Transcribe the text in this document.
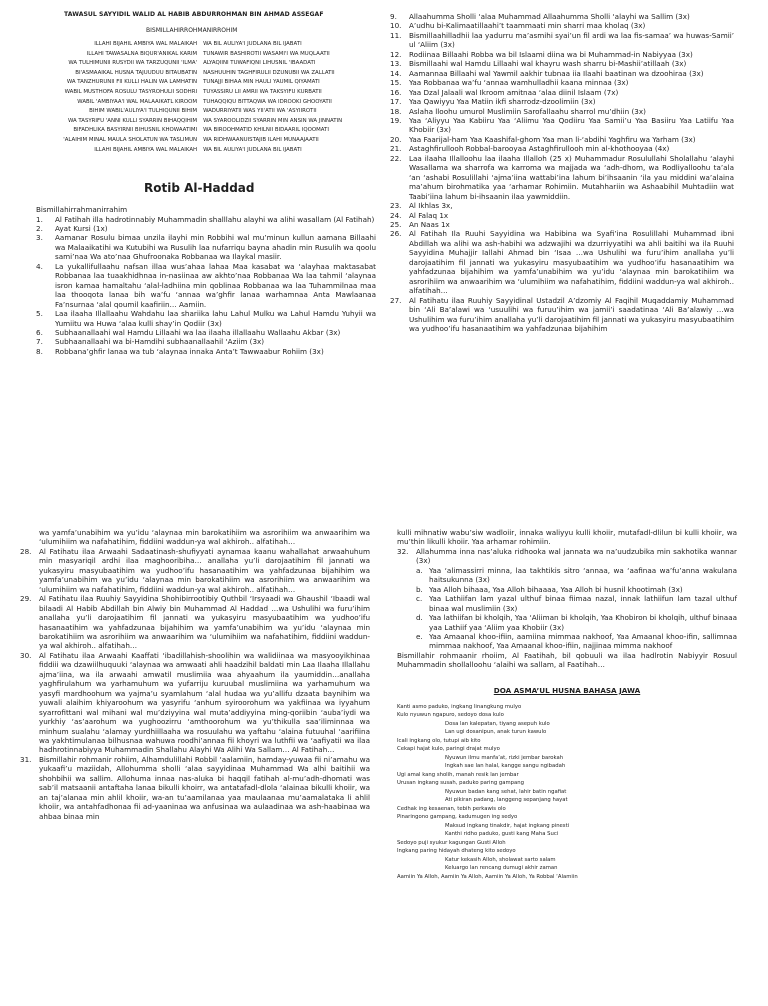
TAWASUL SAYYIDIL WALID AL HABIB ABDURROHMAN BIN AHMAD ASSEGAF
BISMILLAHIRROHMANIRROHIM
ILLAHI BIJAHIL AMBIYA WAL MALAIKAH	WA BIL AULIYA'I JUDLANA BIL IJABATI
ILLAHI TAWASALNA BIQUR'ANIKAL KARIM	TUNAWIR BASHIROTII WASAMI'I WA MUQLAATII
WA TULHIMUNII RUSYDII WA TARZUQUNII 'ILMA'	ALYAQIINI TUWAFIQNI LIHUSNIL 'IBAADATI
BI'ASMAAIKAL HUSNA TAJUUDUU BITAUBATIN	NASHUUHIN TAGHFIRULII DZUNUBII WA ZALLATII
WA TANZHURUNII FII KULLI HALIN WA LAMHATIN	TUNAJJI BIHAA MIN HAULI YAUMIL QIYAMATI
WABIL MUSTHOFA ROSULU TASYROHULII SODHRI	TUYASSIRU LII AMRII WA TAKSYIFU KURBATII
WABIL 'AMBIYAA'I WAL MALAAIKATL KIROOM	TUHAQQIQU BITTAQWA WA IDROOKI GHOOYATII
BIHIM WABIL'AULIYA'I TULHIQUNII BIHIM	WADURRIYATII WAS YII'ATII WA 'ASYIIROTII
WA TASYRIFU 'ANNI KULLI SYARRIN BIHAQQIHIM	WA SYAROOLIDZII SYARRIN MIN ANSIN WA JINNATIN
BIFADHLIKA BASYIRNII BIHUSNIL KHOWAATIMI	WA BIROOHMATID KHILNII BIDAARIL IQOOMATI
'ALAIHIM MINAL MAULA SHOLATUN WA TASLIMUN	WA RIDHWAANUISTAJIB ILAHI MUNAAJAATII
ILLAHI BIJAHIL AMBIYA WAL MALAIKAH	WA BIL AULIYA'I JUDLANA BIL IJABATI
Rotib Al-Haddad
Bismillahirrahmanirrahim
1.	Al Fatihah illa hadrotinnabiy Muhammadin shalllahu alayhi wa alihi wasallam (Al Fatihah)
2.	Ayat Kursi (1x)
3.	Aamanar Rosulu bimaa unzila ilayhi min Robbihi wal mu’minun kullun aamana Billaahi wa Malaaikatihi wa Kutubihi wa Rusulih laa nufarriqu bayna ahadin min Rusulih wa qoolu sami’naa Wa ato’naa Ghufroonaka Robbanaa wa Ilaykal masiir.
4.	La yukallifullaahu nafsan illaa wus’ahaa lahaa Maa kasabat wa ‘alayhaa maktasabat Robbanaa laa tuaakhidhnaa in-nasiinaa aw akhto’naa Robbanaa Wa laa tahmil ‘alaynaa isron kamaa hamaltahu ‘alal-ladhiina min qoblinaa Robbanaa wa laa Tuhammilnaa maa laa thooqota lanaa bih wa’fu ‘annaa wa’ghfir lanaa warhamnaa Anta Mawlaanaa Fa’nsurnaa ‘alal qoumil kaafiriin… Aamiin.
5.	Laa ilaaha Illallaahu Wahdahu laa shariika lahu Lahul Mulku wa Lahul Hamdu Yuhyii wa Yumiitu wa Huwa ‘alaa kulli shay’in Qodiir (3x)
6.	Subhaanallaahi wal Hamdu Lillaahi wa laa ilaaha illallaahu Wallaahu Akbar (3x)
7.	Subhaanallaahi wa bi-Hamdihi subhaanallaahil ‘Aziim (3x)
8.	Robbana’ghfir lanaa wa tub ‘alaynaa innaka Anta’t Tawwaabur Rohiim (3x)
9.	Allaahumma Sholli ‘alaa Muhammad Allaahumma Sholli ‘alayhi wa Sallim (3x)
10.	A’udhu bi-Kalimaatillaahi’t taammaati min sharri maa kholaq (3x)
11.	Bismillaahilladhii laa yadurru ma’asmihi syai’un fil ardi wa laa fis-samaa’ wa huwas-Samii’ ul ‘Aliim (3x)
12.	Rodiinaa Billaahi Robba wa bil Islaami diina wa bi Muhammad-in Nabiyyaa (3x)
13.	Bismillaahi wal Hamdu Lillaahi wal khayru wash sharru bi-Mashii’atillaah (3x)
14.	Aamannaa Billaahi wal Yawmil aakhir tubnaa iia Ilaahi baatinan wa dzoohiraa (3x)
15.	Yaa Robbanaa wa’fu ‘annaa wamhulladhii kaana minnaa (3x)
16.	Yaa Dzal Jalaali wal Ikroom amitnaa ‘alaa diinil Islaam (7x)
17.	Yaa Qawiyyu Yaa Matiin ikfi sharrodz-dzoolimiin (3x)
18.	Aslaha lloohu umurol Muslimiin Sarofallaahu sharrol mu’dhiin (3x)
19.	Yaa ‘Aliyyu Yaa Kabiiru Yaa ‘Aliimu Yaa Qodiiru Yaa Samii’u Yaa Basiiru Yaa Latiifu Yaa Khobiir (3x)
20.	Yaa Faarijal-ham Yaa Kaashifal-ghom Yaa man li-‘abdihi Yaghfiru wa Yarham (3x)
21.	Astaghfirullooh Robbal-barooyaa Astaghfirullooh min al-khothooyaa (4x)
22.	Laa ilaaha Illalloohu laa ilaaha Illalloh (25 x) Muhammadur Rosulullahi Sholallahu ‘alayhi Wasallama wa sharrofa wa karroma wa majjada wa ‘adh-dhom, wa Rodliyalloohu ta’ala ‘an ‘ashabi Rosulillahi ‘ajma’iina wattabi’ina lahum bi’ihsaanin ‘ila yau middini wa’alaina ma’ahum birohmatika yaa ‘arhamar Rohimiin. Mutahhariin wa Ashaabihil Muhtadiin wat Taabi’iina lahum bi-ihsaanin ilaa yawmiddiin.
23.	Al Ikhlas 3x,
24.	Al Falaq 1x
25.	An Naas 1x
26.	Al Fatihah Ila Ruuhi Sayyidina wa Habibina wa Syafi’ina Rosulillahi Muhammad ibni Abdillah wa alihi wa ash-habihi wa adzwajihi wa dzurriyyatihi wa ahli baitihi wa ila Ruuhi Sayyidina Muhajjir Iallahi Ahmad bin ‘Isaa …wa Ushulihi wa furu’ihim anallaha yu’li darojaatihim fil jannati wa yukasyiru masyubaatihim wa yudhoo’ifu hasanaatihim wa yahfadzunaa bijahihim wa yamfa’unabihim wa yu’idu ‘alaynaa min barokatihiim wa asrorihiim wa anwaarihim wa ‘ulumihiim wa nafahatihim, fiddiini waddun-ya wal akhiroh.. alfatihah…
27.	Al Fatihatu ilaa Ruuhiy Sayyidinal Ustadzil A’dzomiy Al Faqihil Muqaddamiy Muhammad bin ‘Ali Ba’alawi wa ‘usuulihi wa furuu’ihim wa jamii’i saadatinaa ‘Ali Ba’alawiy …wa Ushulihim wa furu’ihim anallaha yu’li darojaatihim fil jannati wa yukasyiru masyubaatihim wa yudhoo’ifu hasanaatihim wa yahfadzunaa bijahihim
wa yamfa’unabihim wa yu’idu ‘alaynaa min barokatihiim wa asrorihiim wa anwaarihim wa ‘ulumihiim wa nafahatihim, fiddiini waddun-ya wal akhiroh.. alfatihah…
28.	Al Fatihatu ilaa Arwaahi Sadaatinash-shufiyyati aynamaa kaanu wahallahat arwaahuhum min masyariqil ardhi ilaa maghooribiha… anallaha yu’li darojaatihim fil jannati wa yukasyiru masyubaatihim wa yudhoo’ifu hasanaatihim wa yahfadzunaa bijahihim wa yamfa’unabihim wa yu’idu ‘alaynaa min barokatihiim wa asrorihiim wa anwaarihim wa ‘ulumihiim wa nafahatihim, fiddiini waddun-ya wal akhiroh.. alfatihah…
29.	Al Fatihatu ilaa Ruuhiy Sayyidina Shohibirrootibiy Quthbil ‘Irsyaadi wa Ghaushil ‘Ibaadi wal bilaadi Al Habib Abdillah bin Alwiy bin Muhammad Al Haddad …wa Ushulihi wa furu’ihim anallaha yu’li darojaatihim fil jannati wa yukasyiru masyubaatihim wa yudhoo’ifu hasanaatihim wa yahfadzunaa bijahihim wa yamfa’unabihim wa yu’idu ‘alaynaa min barokatihiim wa asrorihiim wa anwaarihim wa ‘ulumihiim wa nafahatihim, fiddiini waddun-ya wal akhiroh.. alfatihah…
30.	Al Fatihatu ilaa Arwaahi Kaaffati ‘ibadillahish-shoolihin wa walidiinaa wa masyooyikhinaa fiddiii wa dzawiilhuquuki ‘alaynaa wa amwaati ahli haadzihil baldati min Laa Ilaaha Illallahu ajma’iina, wa ila arwaahi amwatil muslimiia waa ahyaahum ila yaumiddin…anallaha yaghfirulahum wa yarhamuhum wa yufarriju kuruubal muslimiina wa yarhamuhum wa yasyfi mardhoohum wa yajma’u syamlahum ‘alal hudaa wa yu’allifu dzaata baynihim wa yuwali alaihim khiyaroohum wa yasyrifu ‘anhum syiroorohum wa yakfiinaa wa iyyahum syarrofittani wal mihani wal mu’dziyyina wal muta’addiyyina ming-qoriibin ‘auba’iydi wa yurkhiy ‘as’aarohum wa yughoozirru ‘amthoorohum wa yu’thikulla saa’iliminnaa wa minhum sualahu ‘alamay yurdhiillaaha wa rosuulahu wa yaftahu ‘alaina futuuhal ‘aarifiina wa yakhtimulanaa bilhusnaa wahuwa roodhi’annaa fii khoyri wa luthfii wa ‘aafiyatii wa ilaa hadhrotinnabiyya Muhammadin Shallahu Alayhi Wa Alihi Wa Sallam… Al Fatihah…
31.	Bismillahir rohmanir rohiim, Alhamdulillahi Robbil ‘aalamiin, hamday-yuwaa fii ni’amahu wa yukaafi’u maziidah, Allohumma sholli ‘alaa sayyidinaa Muhammad Wa alhi baitihii wa shohbihii wa sallim. Allohuma innaa nas-aluka bi haqqil fatihah al-mu’adh-dhomati was sab’il matsaanii antaftaha lanaa bikulli khoirr, wa antatafadl-dlola ‘alainaa bikulli khoiir, wa an taj’alanaa min ahlil khoiir, wa-an tu’aamilanaa yaa maulaanaa mu’aamalataka li ahlil khoiir, wa antahfadhonaa fii ad-yaaninaa wa anfusinaa wa aulaadinaa wa ash-haabinaa wa ahbaa binaa min
kulli mihnatiw wabu’siw wadloiir, innaka waliyyu kulli khoiir, mutafadl-dlilun bi kulli khoiir, wa mu’thin likulli khoiir. Yaa arhamar rohimiin.
32.	Allahumma inna nas’aluka ridhooka wal jannata wa na’uudzubika min sakhotika wannar (3x)
a. Yaa ‘alimassirri minna, laa takhtikis sitro ‘annaa, wa ‘aafinaa wa’fu’anna wakulana haitsukunna (3x)
b. Yaa Alloh bihaaa, Yaa Alloh bihaaaa, Yaa Alloh bi husnil khootimah (3x)
c. Yaa Lathiifan lam yazal ulthuf binaa fiimaa nazal, innak lathiifun lam tazal ulthuf binaa wal muslimiin (3x)
d. Yaa lathiifan bi kholqih, Yaa ‘Aliiman bi kholqih, Yaa Khobiron bi kholqih, ulthuf binaaa yaa Lathiif yaa ‘Aliim yaa Khobiir (3x)
e. Yaa Amaanal khoo-ifiin, aamiina mimmaa nakhoof, Yaa Amaanal khoo-ifin, sallimnaa mimmaa nakhoof, Yaa Amaanal khoo-ifiin, najjinaa mimma nakhoof
Bismillahir rohmaanir rhoiim, Al Faatihah, bil qobuuli wa ilaa hadlrotin Nabiyyir Rosuul Muhammadin shollalloohu ‘alaihi wa sallam, al Faatihah…
DOA ASMA’UL HUSNA BAHASA JAWA
Kanti asmo paduko, ingkang linangkung mulyo
Kulo nyuwun ngapuro, sedoyo dosa kulo
Dosa lan kalepatan, tiyang asepuh kulo
Lan ugi dosanipun, anak turun kawulo
Icali ingkang olo, tutupi aib kito
Cekapi hajat kulo, paringi drajat mulyo
Nyuwun ilmu manfa’at, rizki jembar barokah
Ingkah sae lan halal, kangge sangu ngibadah
Ugi amal kang sholih, manah resik lan jembar
Urusan ingkang susah, paduko paring gampang
Nyuwun badan kang sehat, lahir batin ngafiat
Ati pikiran padang, langgeng sepanjang hayat
Cedhak ing kesaenan, tebih perkawis olo
Pinaringono gampang, kadumugen ing sedyo
Maksud ingkang tinakdir, hajat ingkang pinesti
Kanthi ridho paduko, gusti kang Maha Suci
Sedoyo puji syukur kagungan Gusti Alloh
Ingkang paring hidayah dhateng kito sedoyo
Katur kekasih Alloh, sholawat sarto salam
Keluargo lan rencang dumugi akhir zaman
Aamiin Ya Alloh, Aamiin Ya Alloh, Aamiin Ya Alloh, Ya Robbal ‘Alamiin
